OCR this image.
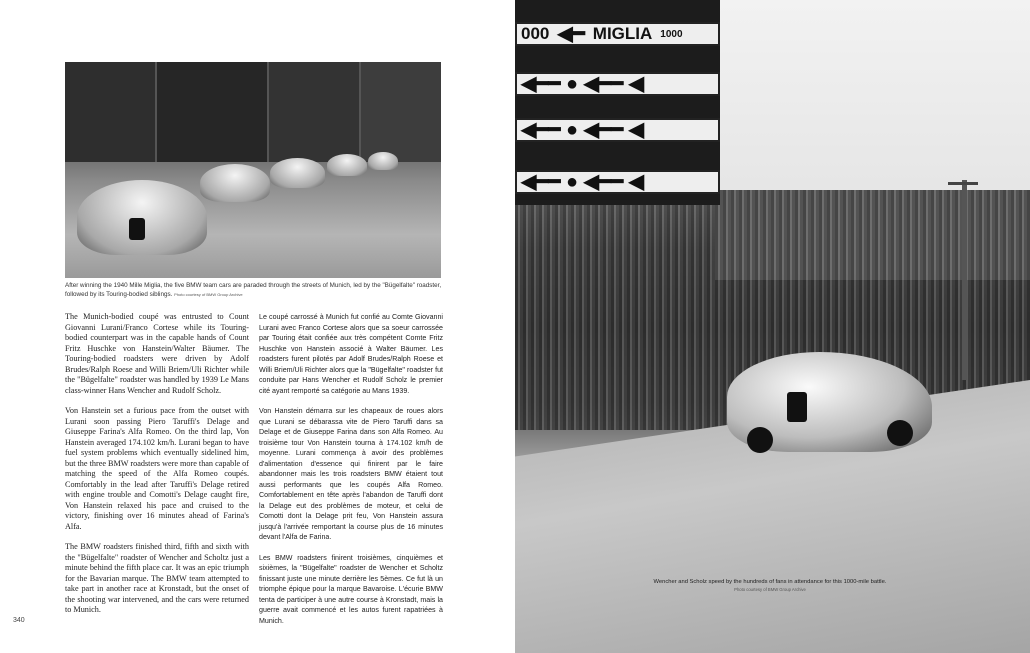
After winning the 1940 Mille Miglia, the five BMW team cars are paraded through the streets of Munich, led by the "Bügelfalte" roadster, followed by its Touring-bodied siblings. Photo courtesy of BMW Group Archive

The Munich-bodied coupé was entrusted to Count Giovanni Lurani/Franco Cortese while its Touring-bodied counterpart was in the capable hands of Count Fritz Huschke von Hanstein/Walter Bäumer. The Touring-bodied roadsters were driven by Adolf Brudes/Ralph Roese and Willi Briem/Uli Richter while the "Bügelfalte" roadster was handled by 1939 Le Mans class-winner Hans Wencher and Rudolf Scholz.

Von Hanstein set a furious pace from the outset with Lurani soon passing Piero Taruffi's Delage and Giuseppe Farina's Alfa Romeo. On the third lap, Von Hanstein averaged 174.102 km/h. Lurani began to have fuel system problems which eventually sidelined him, but the three BMW roadsters were more than capable of matching the speed of the Alfa Romeo coupés. Comfortably in the lead after Taruffi's Delage retired with engine trouble and Comotti's Delage caught fire, Von Hanstein relaxed his pace and cruised to the victory, finishing over 16 minutes ahead of Farina's Alfa.

The BMW roadsters finished third, fifth and sixth with the "Bügelfalte" roadster of Wencher and Scholtz just a minute behind the fifth place car. It was an epic triumph for the Bavarian marque. The BMW team attempted to take part in another race at Kronstadt, but the onset of the shooting war intervened, and the cars were returned to Munich.

Le coupé carrossé à Munich fut confié au Comte Giovanni Lurani avec Franco Cortese alors que sa soeur carrossée par Touring était confiée aux très compétent Comte Fritz Huschke von Hanstein associé à Walter Bäumer. Les roadsters furent pilotés par Adolf Brudes/Ralph Roese et Willi Briem/Uli Richter alors que la "Bügelfalte" roadster fut conduite par Hans Wencher et Rudolf Scholz le premier cité ayant remporté sa catégorie au Mans 1939.

Von Hanstein démarra sur les chapeaux de roues alors que Lurani se débarassa vite de Piero Taruffi dans sa Delage et de Giuseppe Farina dans son Alfa Romeo. Au troisième tour Von Hanstein tourna à 174.102 km/h de moyenne. Lurani commença à avoir des problèmes d'alimentation d'essence qui finirent par le faire abandonner mais les trois roadsters BMW étaient tout aussi performants que les coupés Alfa Romeo. Comfortablement en tête après l'abandon de Taruffi dont la Delage eut des problèmes de moteur, et celui de Comotti dont la Delage prit feu, Von Hanstein assura jusqu'à l'arrivée remportant la course plus de 16 minutes devant l'Alfa de Farina.

Les BMW roadsters finirent troisièmes, cinquièmes et sixièmes, la "Bügelfalte" roadster de Wencher et Scholtz finissant juste une minute derrière les 5èmes. Ce fut là un triomphe épique pour la marque Bavaroise. L'écurie BMW tenta de participer à une autre course à Kronstadt, mais la guerre avait commencé et les autos furent rapatriées à Munich.

340
000 ◀━ MIGLIA 1000
◀━━ ● ◀━━ ◀
◀━━ ● ◀━━ ◀
◀━━ ● ◀━━ ◀
Wencher and Scholz speed by the hundreds of fans in attendance for this 1000-mile battle.
Photo courtesy of BMW Group Archive
